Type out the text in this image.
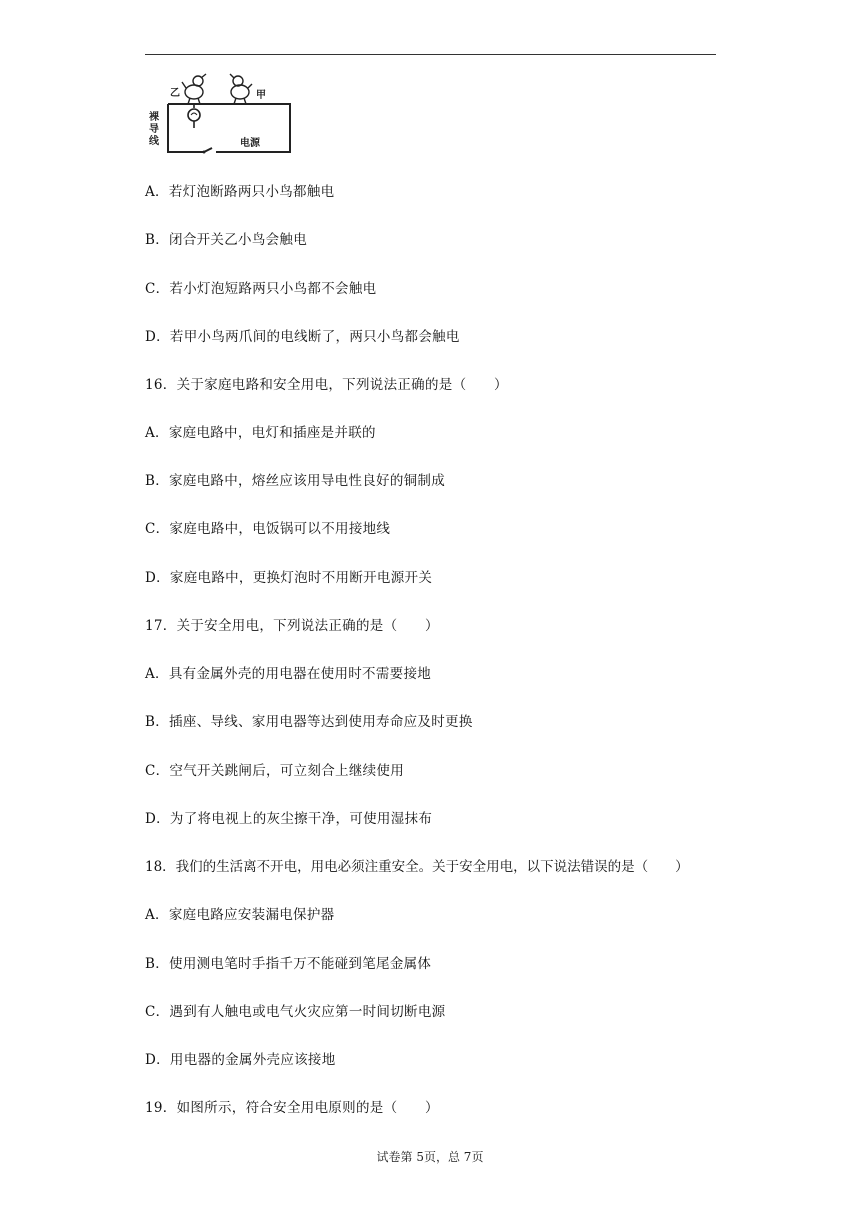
乙	甲
裸
导
线	电源
A．若灯泡断路两只小鸟都触电
B．闭合开关乙小鸟会触电
C．若小灯泡短路两只小鸟都不会触电
D．若甲小鸟两爪间的电线断了，两只小鸟都会触电
16．关于家庭电路和安全用电，下列说法正确的是（　　）
A．家庭电路中，电灯和插座是并联的
B．家庭电路中，熔丝应该用导电性良好的铜制成
C．家庭电路中，电饭锅可以不用接地线
D．家庭电路中，更换灯泡时不用断开电源开关
17．关于安全用电，下列说法正确的是（　　）
A．具有金属外壳的用电器在使用时不需要接地
B．插座、导线、家用电器等达到使用寿命应及时更换
C．空气开关跳闸后，可立刻合上继续使用
D．为了将电视上的灰尘擦干净，可使用湿抹布
18．我们的生活离不开电，用电必须注重安全。关于安全用电，以下说法错误的是（　　）
A．家庭电路应安装漏电保护器
B．使用测电笔时手指千万不能碰到笔尾金属体
C．遇到有人触电或电气火灾应第一时间切断电源
D．用电器的金属外壳应该接地
19．如图所示，符合安全用电原则的是（　　）
试卷第 5页，总 7页
